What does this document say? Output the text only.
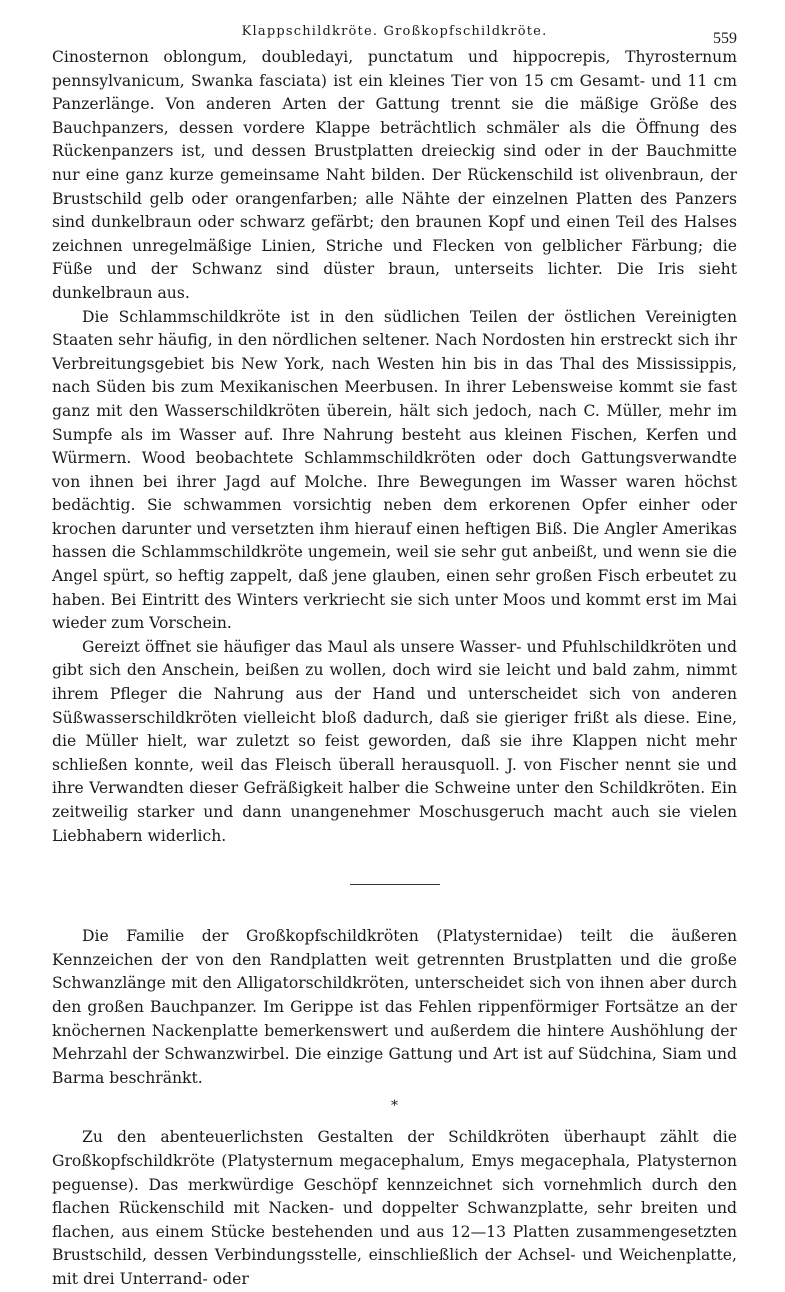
Klappschildkröte. Großkopfschildkröte.	559

Cinosternon oblongum, doubledayi, punctatum und hippocrepis, Thyrosternum pennsylvanicum, Swanka fasciata) ist ein kleines Tier von 15 cm Gesamt- und 11 cm Panzerlänge. Von anderen Arten der Gattung trennt sie die mäßige Größe des Bauchpanzers, dessen vordere Klappe beträchtlich schmäler als die Öffnung des Rückenpanzers ist, und dessen Brustplatten dreieckig sind oder in der Bauchmitte nur eine ganz kurze gemeinsame Naht bilden. Der Rückenschild ist olivenbraun, der Brustschild gelb oder orangenfarben; alle Nähte der einzelnen Platten des Panzers sind dunkelbraun oder schwarz gefärbt; den braunen Kopf und einen Teil des Halses zeichnen unregelmäßige Linien, Striche und Flecken von gelblicher Färbung; die Füße und der Schwanz sind düster braun, unterseits lichter. Die Iris sieht dunkelbraun aus.

Die Schlammschildkröte ist in den südlichen Teilen der östlichen Vereinigten Staaten sehr häufig, in den nördlichen seltener. Nach Nordosten hin erstreckt sich ihr Verbreitungsgebiet bis New York, nach Westen hin bis in das Thal des Mississippis, nach Süden bis zum Mexikanischen Meerbusen. In ihrer Lebensweise kommt sie fast ganz mit den Wasserschildkröten überein, hält sich jedoch, nach C. Müller, mehr im Sumpfe als im Wasser auf. Ihre Nahrung besteht aus kleinen Fischen, Kerfen und Würmern. Wood beobachtete Schlammschildkröten oder doch Gattungsverwandte von ihnen bei ihrer Jagd auf Molche. Ihre Bewegungen im Wasser waren höchst bedächtig. Sie schwammen vorsichtig neben dem erkorenen Opfer einher oder krochen darunter und versetzten ihm hierauf einen heftigen Biß. Die Angler Amerikas hassen die Schlammschildkröte ungemein, weil sie sehr gut anbeißt, und wenn sie die Angel spürt, so heftig zappelt, daß jene glauben, einen sehr großen Fisch erbeutet zu haben. Bei Eintritt des Winters verkriecht sie sich unter Moos und kommt erst im Mai wieder zum Vorschein.

Gereizt öffnet sie häufiger das Maul als unsere Wasser- und Pfuhlschildkröten und gibt sich den Anschein, beißen zu wollen, doch wird sie leicht und bald zahm, nimmt ihrem Pfleger die Nahrung aus der Hand und unterscheidet sich von anderen Süßwasserschildkröten vielleicht bloß dadurch, daß sie gieriger frißt als diese. Eine, die Müller hielt, war zuletzt so feist geworden, daß sie ihre Klappen nicht mehr schließen konnte, weil das Fleisch überall herausquoll. J. von Fischer nennt sie und ihre Verwandten dieser Gefräßigkeit halber die Schweine unter den Schildkröten. Ein zeitweilig starker und dann unangenehmer Moschusgeruch macht auch sie vielen Liebhabern widerlich.

Die Familie der Großkopfschildkröten (Platysternidae) teilt die äußeren Kennzeichen der von den Randplatten weit getrennten Brustplatten und die große Schwanzlänge mit den Alligatorschildkröten, unterscheidet sich von ihnen aber durch den großen Bauchpanzer. Im Gerippe ist das Fehlen rippenförmiger Fortsätze an der knöchernen Nackenplatte bemerkenswert und außerdem die hintere Aushöhlung der Mehrzahl der Schwanzwirbel. Die einzige Gattung und Art ist auf Südchina, Siam und Barma beschränkt.

*

Zu den abenteuerlichsten Gestalten der Schildkröten überhaupt zählt die Großkopfschildkröte (Platysternum megacephalum, Emys megacephala, Platysternon peguense). Das merkwürdige Geschöpf kennzeichnet sich vornehmlich durch den flachen Rückenschild mit Nacken- und doppelter Schwanzplatte, sehr breiten und flachen, aus einem Stücke bestehenden und aus 12—13 Platten zusammengesetzten Brustschild, dessen Verbindungsstelle, einschließlich der Achsel- und Weichenplatte, mit drei Unterrand- oder
